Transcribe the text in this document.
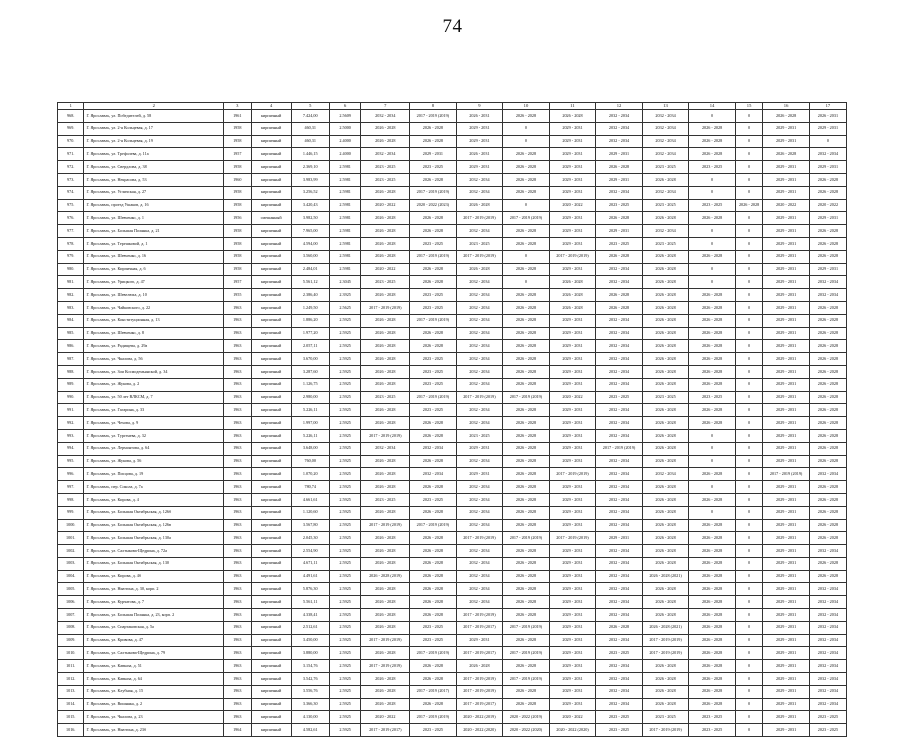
74
1	2	3	4	5	6	7	8	9	10	11	12	13	14	15	16	17
968.	Г. Ярославль, ул. Победителей, д. 58	1961	кирпичный	7.424,00	2.5609	2032 - 2034	2017 - 2019 (2019)	2026 - 2031	2026 - 2028	2026 - 2028	2032 - 2034	2032 - 2034	0	0	2026 - 2028	2026 - 2031
969.	Г. Ярославль, ул. 2-я Кольцевая, д. 17	1958	кирпичный	460,31	2.5000	2026 - 2028	2026 - 2028	2029 - 2031	0	2029 - 2031	2032 - 2034	2032 - 2034	2026 - 2028	0	2029 - 2031	2029 - 2031
970.	Г. Ярославль, ул. 2-я Кольцевая, д. 19	1958	кирпичный	460,31	2.4000	2026 - 2028	2026 - 2028	2029 - 2031	0	2029 - 2031	2032 - 2034	2032 - 2034	2026 - 2028	0	2029 - 2031	0
971.	Г. Ярославль, ул. Трефолева, д. 11а	1957	кирпичный	1.446,15	2.4000	2032 - 2034	2029 - 2031	2026 - 2031	2026 - 2028	2029 - 2031	2029 - 2031	2032 - 2034	2026 - 2028	0	2026 - 2028	2032 - 2034
972.	Г. Ярославль, ул. Свердлова, д. 38	1958	кирпичный	2.369,10	2.5981	2023 - 2025	2023 - 2025	2029 - 2031	2026 - 2028	2029 - 2031	2026 - 2028	2023 - 2025	2023 - 2025	0	2029 - 2031	2029 - 2031
973.	Г. Ярославль, ул. Некрасова, д. 53	1960	кирпичный	3.983,99	2.5981	2023 - 2025	2026 - 2028	2032 - 2034	2026 - 2028	2029 - 2031	2029 - 2031	2026 - 2028	0	0	2029 - 2031	2026 - 2028
974.	Г. Ярославль, ул. Угличская, д. 27	1958	кирпичный	3.256,52	2.5981	2026 - 2028	2017 - 2019 (2019)	2032 - 2034	2026 - 2028	2029 - 2031	2032 - 2034	2032 - 2034	0	0	2029 - 2031	2026 - 2028
975.	Г. Ярославль, проезд Ушаков, д. 16	1958	кирпичный	3.420,43	2.5981	2020 - 2022	2020 - 2022 (2023)	2026 - 2028	0	2020 - 2022	2023 - 2025	2023 - 2025	2023 - 2025	2026 - 2028	2020 - 2022	2020 - 2022
976.	Г. Ярославль, ул. Шевченко, д. 1	1956	смешанный	3.982,50	2.5981	2026 - 2028	2026 - 2028	2017 - 2019 (2019)	2017 - 2019 (2019)	2029 - 2031	2026 - 2028	2026 - 2028	2026 - 2028	0	2029 - 2031	2029 - 2031
977.	Г. Ярославль, ул. Большая Полянка, д. 21	1958	кирпичный	7.965,00	2.5981	2026 - 2028	2026 - 2028	2032 - 2034	2026 - 2028	2029 - 2031	2029 - 2031	2032 - 2034	0	0	2029 - 2031	2026 - 2028
978.	Г. Ярославль, ул. Терешковой, д. 1	1958	кирпичный	4.594,00	2.5981	2026 - 2028	2023 - 2025	2023 - 2025	2026 - 2028	2029 - 2031	2023 - 2025	2023 - 2025	0	0	2029 - 2031	2026 - 2028
979.	Г. Ярославль, ул. Шевченко, д. 16	1958	кирпичный	3.560,00	2.5981	2026 - 2028	2017 - 2019 (2019)	2017 - 2019 (2019)	0	2017 - 2019 (2019)	2026 - 2028	2026 - 2028	2026 - 2028	0	2029 - 2031	2026 - 2028
980.	Г. Ярославль, ул. Кирпичная, д. 6	1958	кирпичный	2.484,01	2.5981	2020 - 2022	2026 - 2028	2026 - 2028	2026 - 2028	2029 - 2031	2032 - 2034	2026 - 2028	0	0	2029 - 2031	2029 - 2031
981.	Г. Ярославль, ул. Урицкого, д. 47	1957	кирпичный	5.561,12	2.3045	2023 - 2025	2026 - 2028	2032 - 2034	0	2026 - 2028	2032 - 2034	2026 - 2028	0	0	2029 - 2031	2032 - 2034
982.	Г. Ярославль, ул. Шевелюха, д. 10	1955	кирпичный	2.386,40	2.3925	2026 - 2028	2023 - 2025	2032 - 2034	2026 - 2028	2026 - 2028	2026 - 2028	2026 - 2028	2026 - 2028	0	2029 - 2031	2032 - 2034
983.	Г. Ярославль, ул. Чайковского, д. 22	1963	кирпичный	1.249,50	2.5625	2017 - 2019 (2019)	2023 - 2025	2032 - 2034	2026 - 2028	2026 - 2028	2026 - 2028	2026 - 2028	2026 - 2028	0	2029 - 2031	2026 - 2028
984.	Г. Ярославль, ул. Конституционная, д. 13	1963	кирпичный	1.886,20	2.5925	2026 - 2028	2017 - 2019 (2019)	2032 - 2034	2026 - 2028	2029 - 2031	2032 - 2034	2026 - 2028	2026 - 2028	0	2029 - 2031	2026 - 2028
985.	Г. Ярославль, ул. Шевченко, д. 8	1963	кирпичный	1.977,20	2.5925	2026 - 2028	2026 - 2028	2032 - 2034	2026 - 2028	2029 - 2031	2032 - 2034	2026 - 2028	2026 - 2028	0	2029 - 2031	2026 - 2028
986.	Г. Ярославль, ул. Радищева, д. 29а	1963	кирпичный	2.057,11	2.5925	2026 - 2028	2026 - 2028	2032 - 2034	2026 - 2028	2029 - 2031	2032 - 2034	2026 - 2028	2026 - 2028	0	2029 - 2031	2026 - 2028
987.	Г. Ярославль, ул. Чкалова, д. 56	1963	кирпичный	3.670,00	2.5925	2026 - 2028	2023 - 2025	2032 - 2034	2026 - 2028	2029 - 2031	2032 - 2034	2026 - 2028	2026 - 2028	0	2029 - 2031	2026 - 2028
988.	Г. Ярославль, ул. Зои Космодемьянской, д. 34	1963	кирпичный	3.287,60	2.5925	2026 - 2028	2023 - 2025	2032 - 2034	2026 - 2028	2029 - 2031	2032 - 2034	2026 - 2028	2026 - 2028	0	2029 - 2031	2026 - 2028
989.	Г. Ярославль, ул. Жукова, д. 2	1963	кирпичный	1.126,75	2.5925	2026 - 2028	2023 - 2025	2032 - 2034	2026 - 2028	2029 - 2031	2032 - 2034	2026 - 2028	2026 - 2028	0	2029 - 2031	2026 - 2028
990.	Г. Ярославль, ул. 50 лет ВЛКСМ, д. 7	1963	кирпичный	2.980,00	2.5925	2023 - 2025	2017 - 2019 (2019)	2017 - 2019 (2019)	2017 - 2019 (2019)	2020 - 2022	2023 - 2025	2023 - 2025	2023 - 2025	0	2029 - 2031	2026 - 2028
991.	Г. Ярославль, ул. Гагарина, д. 33	1963	кирпичный	5.226,11	2.5925	2026 - 2028	2023 - 2025	2032 - 2034	2026 - 2028	2029 - 2031	2032 - 2034	2026 - 2028	2026 - 2028	0	2029 - 2031	2026 - 2028
992.	Г. Ярославль, ул. Чехова, д. 9	1963	кирпичный	1.997,00	2.5925	2026 - 2028	2026 - 2028	2032 - 2034	2026 - 2028	2029 - 2031	2032 - 2034	2026 - 2028	2026 - 2028	0	2029 - 2031	2026 - 2028
993.	Г. Ярославль, ул. Тургенева, д. 32	1963	кирпичный	5.226,11	2.5925	2017 - 2019 (2019)	2026 - 2028	2023 - 2025	2026 - 2028	2029 - 2031	2032 - 2034	2026 - 2028	0	0	2029 - 2031	2026 - 2028
994.	Г. Ярославль, ул. Лермонтова, д. 64	1963	кирпичный	3.648,00	2.5925	2032 - 2034	2032 - 2034	2029 - 2031	2026 - 2028	2029 - 2031	2017 - 2019 (2019)	2026 - 2028	0	0	2029 - 2031	2026 - 2028
995.	Г. Ярославль, ул. Жукова, д. 56	1963	кирпичный	760,00	2.5925	2026 - 2028	2026 - 2028	2032 - 2034	2026 - 2028	2029 - 2031	2032 - 2034	2026 - 2028	0	0	2029 - 2031	2026 - 2028
996.	Г. Ярославль, ул. Писцова, д. 19	1963	кирпичный	1.070,20	2.5925	2026 - 2028	2032 - 2034	2029 - 2031	2026 - 2028	2017 - 2019 (2019)	2032 - 2034	2032 - 2034	2026 - 2028	0	2017 - 2019 (2019)	2032 - 2034
997.	Г. Ярославль, пер. Сокола, д. 7а	1963	кирпичный	780,74	2.5925	2026 - 2028	2026 - 2028	2032 - 2034	2026 - 2028	2029 - 2031	2032 - 2034	2026 - 2028	0	0	2029 - 2031	2026 - 2028
998.	Г. Ярославль, ул. Кирова, д. 4	1963	кирпичный	4.661,61	2.5925	2023 - 2025	2023 - 2025	2032 - 2034	2026 - 2028	2029 - 2031	2032 - 2034	2026 - 2028	2026 - 2028	0	2029 - 2031	2026 - 2028
999.	Г. Ярославль, ул. Большая Октябрьская, д. 126б	1963	кирпичный	1.120,60	2.5925	2026 - 2028	2026 - 2028	2032 - 2034	2026 - 2028	2029 - 2031	2032 - 2034	2026 - 2028	0	0	2029 - 2031	2026 - 2028
1000.	Г. Ярославль, ул. Большая Октябрьская, д. 126в	1963	кирпичный	3.567,80	2.5925	2017 - 2019 (2019)	2017 - 2019 (2019)	2032 - 2034	2026 - 2028	2029 - 2031	2032 - 2034	2026 - 2028	2026 - 2028	0	2029 - 2031	2026 - 2028
1001.	Г. Ярославль, ул. Большая Октябрьская, д. 130а	1963	кирпичный	2.045,30	2.5925	2026 - 2028	2026 - 2028	2017 - 2019 (2019)	2017 - 2019 (2019)	2017 - 2019 (2019)	2029 - 2031	2026 - 2028	2026 - 2028	0	2029 - 2031	2026 - 2028
1002.	Г. Ярославль, ул. Салтыкова-Щедрина, д. 72а	1963	кирпичный	2.554,90	2.5925	2026 - 2028	2026 - 2028	2032 - 2034	2026 - 2028	2029 - 2031	2032 - 2034	2026 - 2028	2026 - 2028	0	2029 - 2031	2032 - 2034
1003.	Г. Ярославль, ул. Большая Октябрьская, д. 130	1963	кирпичный	4.671,11	2.5925	2026 - 2028	2026 - 2028	2032 - 2034	2026 - 2028	2029 - 2031	2032 - 2034	2026 - 2028	2026 - 2028	0	2029 - 2031	2026 - 2028
1004.	Г. Ярославль, ул. Кирова, д. 4б	1963	кирпичный	4.491,61	2.5925	2026 - 2028 (2019)	2026 - 2028	2032 - 2034	2026 - 2028	2029 - 2031	2032 - 2034	2026 - 2028 (2021)	2026 - 2028	0	2029 - 2031	2026 - 2028
1005.	Г. Ярославль, ул. Ньютона, д. 30, корп. 2	1963	кирпичный	5.876,30	2.5925	2026 - 2028	2026 - 2028	2032 - 2034	2026 - 2028	2029 - 2031	2032 - 2034	2026 - 2028	2026 - 2028	0	2029 - 2031	2032 - 2034
1006.	Г. Ярославль, ул. Курчатова, д. 7	1963	кирпичный	5.561,11	2.5925	2026 - 2028	2026 - 2028	2032 - 2034	2026 - 2028	2029 - 2031	2032 - 2034	2026 - 2028	2026 - 2028	0	2029 - 2031	2032 - 2034
1007.	Г. Ярославль, ул. Большая Полянка, д. 23, корп. 2	1963	кирпичный	4.338,41	2.5925	2026 - 2028	2026 - 2028	2017 - 2019 (2019)	2026 - 2028	2029 - 2031	2032 - 2034	2026 - 2028	2026 - 2028	0	2029 - 2031	2032 - 2034
1008.	Г. Ярославль, ул. Спартаковская, д. 5а	1963	кирпичный	2.512,61	2.5925	2026 - 2028	2023 - 2025	2017 - 2019 (2017)	2017 - 2019 (2019)	2029 - 2031	2026 - 2028	2026 - 2028 (2021)	2026 - 2028	0	2029 - 2031	2032 - 2034
1009.	Г. Ярославль, ул. Кривова, д. 47	1963	кирпичный	3.450,00	2.5925	2017 - 2019 (2019)	2023 - 2025	2029 - 2031	2026 - 2028	2029 - 2031	2032 - 2034	2017 - 2019 (2019)	2026 - 2028	0	2029 - 2031	2032 - 2034
1010.	Г. Ярославль, ул. Салтыкова-Щедрина, д. 79	1963	кирпичный	3.880,00	2.5925	2026 - 2028	2017 - 2019 (2019)	2017 - 2019 (2017)	2017 - 2019 (2019)	2029 - 2031	2023 - 2025	2017 - 2019 (2019)	2026 - 2028	0	2029 - 2031	2032 - 2034
1011.	Г. Ярославль, ул. Кавказа, д. 51	1963	кирпичный	3.154,76	2.5925	2017 - 2019 (2019)	2026 - 2028	2026 - 2028	2026 - 2028	2029 - 2031	2032 - 2034	2026 - 2028	2026 - 2028	0	2029 - 2031	2032 - 2034
1012.	Г. Ярославль, ул. Кавказа, д. 64	1963	кирпичный	3.542,76	2.5925	2026 - 2028	2026 - 2028	2017 - 2019 (2019)	2017 - 2019 (2019)	2029 - 2031	2032 - 2034	2026 - 2028	2026 - 2028	0	2029 - 2031	2032 - 2034
1013.	Г. Ярославль, ул. Клубная, д. 15	1963	кирпичный	3.556,76	2.5925	2026 - 2028	2017 - 2019 (2017)	2017 - 2019 (2019)	2026 - 2028	2029 - 2031	2032 - 2034	2026 - 2028	2026 - 2028	0	2029 - 2031	2032 - 2034
1014.	Г. Ярославль, ул. Вишняка, д. 2	1963	кирпичный	3.366,30	2.5925	2026 - 2028	2026 - 2028	2017 - 2019 (2017)	2026 - 2028	2029 - 2031	2032 - 2034	2026 - 2028	2026 - 2028	0	2029 - 2031	2032 - 2034
1015.	Г. Ярославль, ул. Чкалова, д. 23	1963	кирпичный	4.130,00	2.5925	2020 - 2022	2017 - 2019 (2019)	2020 - 2022 (2019)	2020 - 2022 (2019)	2020 - 2022	2023 - 2025	2023 - 2025	2023 - 2025	0	2029 - 2031	2023 - 2025
1016.	Г. Ярославль, ул. Ньютона, д. 23б	1964	кирпичный	4.582,61	2.5925	2017 - 2019 (2017)	2023 - 2025	2020 - 2022 (2020)	2020 - 2022 (2020)	2020 - 2022 (2020)	2023 - 2025	2017 - 2019 (2019)	2023 - 2025	0	2029 - 2031	2023 - 2025
